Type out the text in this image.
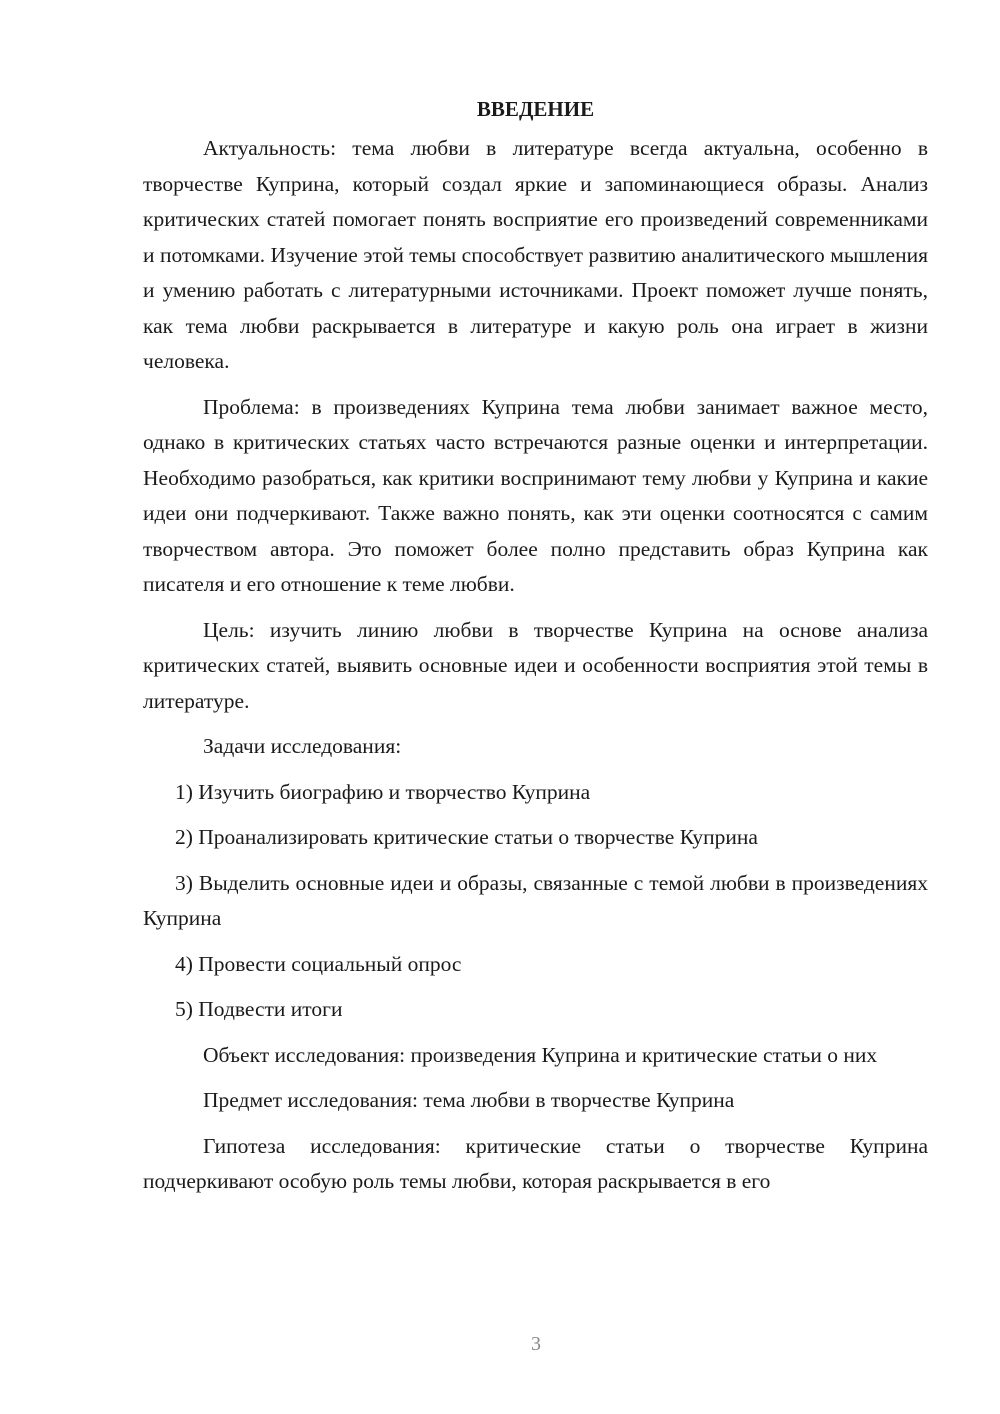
ВВЕДЕНИЕ

Актуальность: тема любви в литературе всегда актуальна, особенно в творчестве Куприна, который создал яркие и запоминающиеся образы. Анализ критических статей помогает понять восприятие его произведений современниками и потомками. Изучение этой темы способствует развитию аналитического мышления и умению работать с литературными источниками. Проект поможет лучше понять, как тема любви раскрывается в литературе и какую роль она играет в жизни человека.

Проблема: в произведениях Куприна тема любви занимает важное место, однако в критических статьях часто встречаются разные оценки и интерпретации. Необходимо разобраться, как критики воспринимают тему любви у Куприна и какие идеи они подчеркивают. Также важно понять, как эти оценки соотносятся с самим творчеством автора. Это поможет более полно представить образ Куприна как писателя и его отношение к теме любви.

Цель: изучить линию любви в творчестве Куприна на основе анализа критических статей, выявить основные идеи и особенности восприятия этой темы в литературе.

Задачи исследования:

1) Изучить биографию и творчество Куприна

2) Проанализировать критические статьи о творчестве Куприна

3) Выделить основные идеи и образы, связанные с темой любви в произведениях Куприна

4) Провести социальный опрос

5) Подвести итоги

Объект исследования: произведения Куприна и критические статьи о них

Предмет исследования: тема любви в творчестве Куприна

Гипотеза исследования: критические статьи о творчестве Куприна подчеркивают особую роль темы любви, которая раскрывается в его

3
